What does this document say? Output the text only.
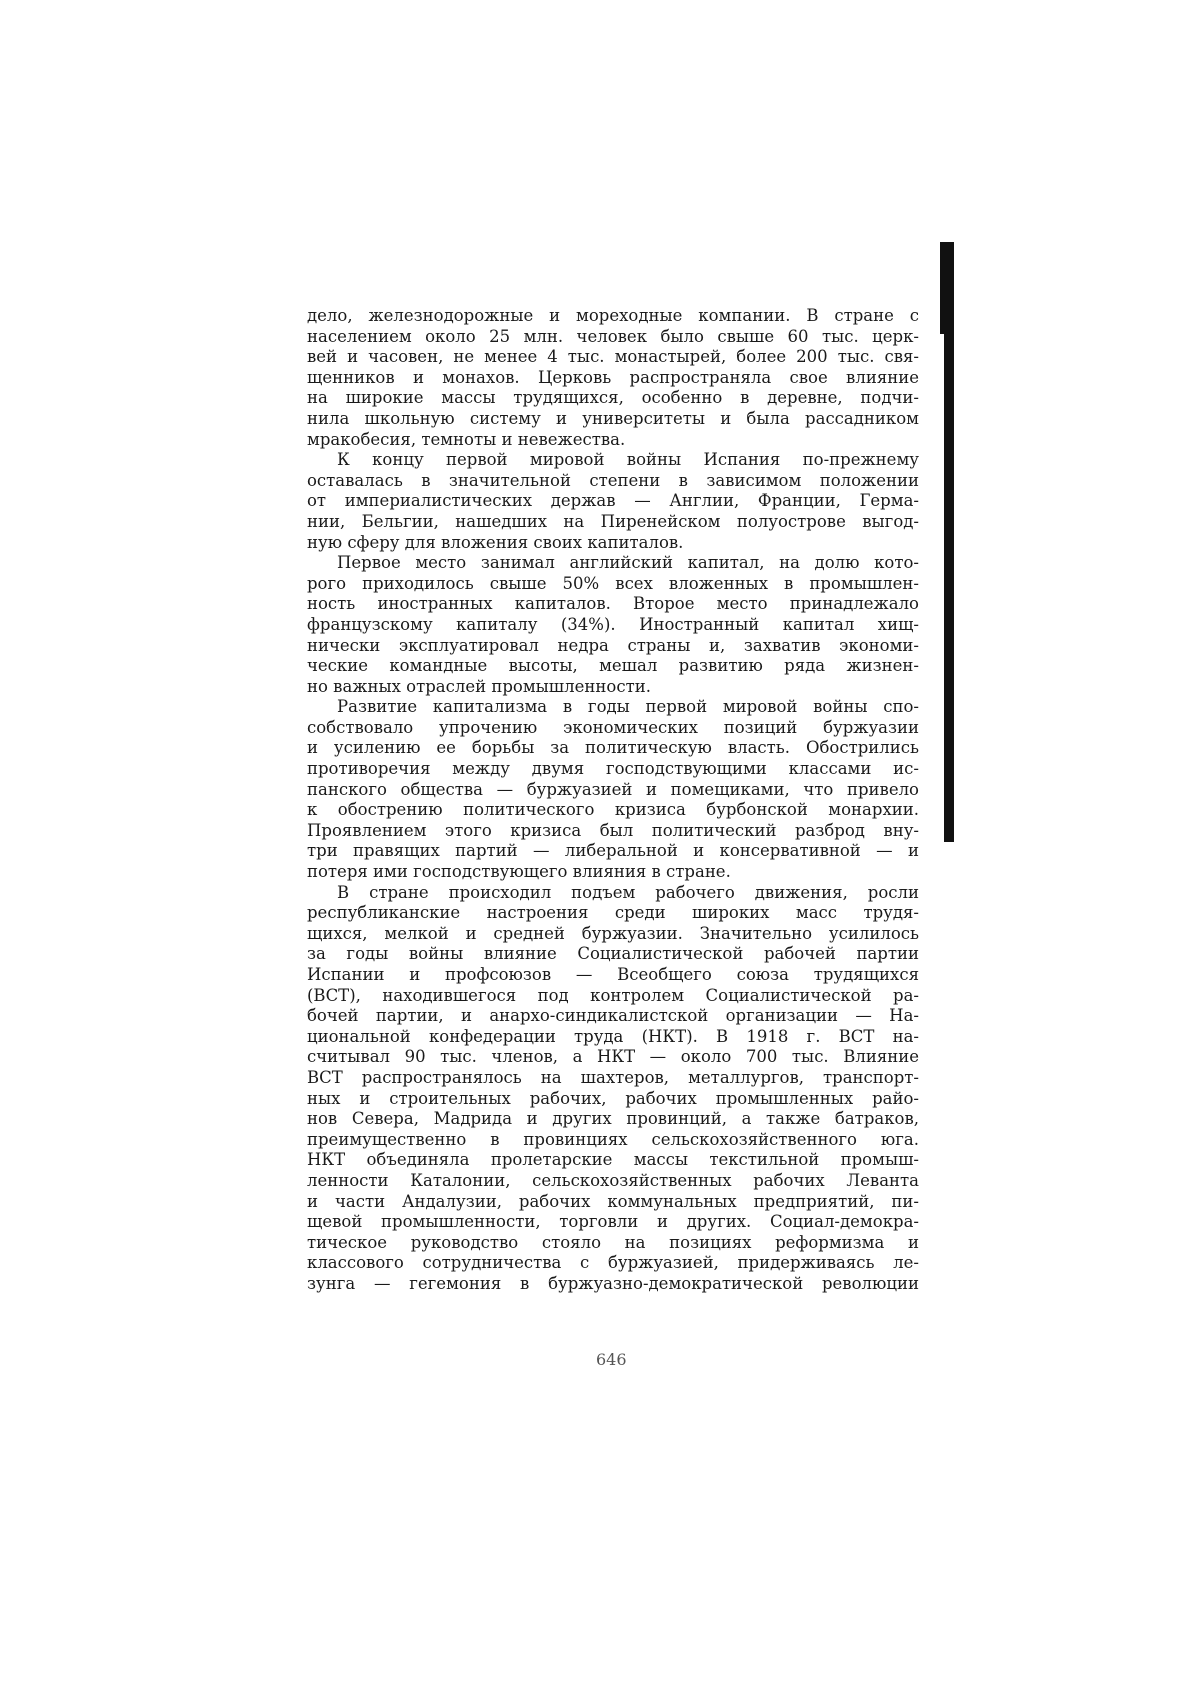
дело, железнодорожные и мореходные компании. В стране с
населением около 25 млн. человек было свыше 60 тыс. церк-
вей и часовен, не менее 4 тыс. монастырей, более 200 тыс. свя-
щенников и монахов. Церковь распространяла свое влияние
на широкие массы трудящихся, особенно в деревне, подчи-
нила школьную систему и университеты и была рассадником
мракобесия, темноты и невежества.
К концу первой мировой войны Испания по-прежнему
оставалась в значительной степени в зависимом положении
от империалистических держав — Англии, Франции, Герма-
нии, Бельгии, нашедших на Пиренейском полуострове выгод-
ную сферу для вложения своих капиталов.
Первое место занимал английский капитал, на долю кото-
рого приходилось свыше 50% всех вложенных в промышлен-
ность иностранных капиталов. Второе место принадлежало
французскому капиталу (34%). Иностранный капитал хищ-
нически эксплуатировал недра страны и, захватив экономи-
ческие командные высоты, мешал развитию ряда жизнен-
но важных отраслей промышленности.
Развитие капитализма в годы первой мировой войны спо-
собствовало упрочению экономических позиций буржуазии
и усилению ее борьбы за политическую власть. Обострились
противоречия между двумя господствующими классами ис-
панского общества — буржуазией и помещиками, что привело
к обострению политического кризиса бурбонской монархии.
Проявлением этого кризиса был политический разброд вну-
три правящих партий — либеральной и консервативной — и
потеря ими господствующего влияния в стране.
В стране происходил подъем рабочего движения, росли
республиканские настроения среди широких масс трудя-
щихся, мелкой и средней буржуазии. Значительно усилилось
за годы войны влияние Социалистической рабочей партии
Испании и профсоюзов — Всеобщего союза трудящихся
(ВСТ), находившегося под контролем Социалистической ра-
бочей партии, и анархо-синдикалистской организации — На-
циональной конфедерации труда (НКТ). В 1918 г. ВСТ на-
считывал 90 тыс. членов, а НКТ — около 700 тыс. Влияние
ВСТ распространялось на шахтеров, металлургов, транспорт-
ных и строительных рабочих, рабочих промышленных райо-
нов Севера, Мадрида и других провинций, а также батраков,
преимущественно в провинциях сельскохозяйственного юга.
НКТ объединяла пролетарские массы текстильной промыш-
ленности Каталонии, сельскохозяйственных рабочих Леванта
и части Андалузии, рабочих коммунальных предприятий, пи-
щевой промышленности, торговли и других. Социал-демокра-
тическое руководство стояло на позициях реформизма и
классового сотрудничества с буржуазией, придерживаясь ле-
зунга — гегемония в буржуазно-демократической революции
646
